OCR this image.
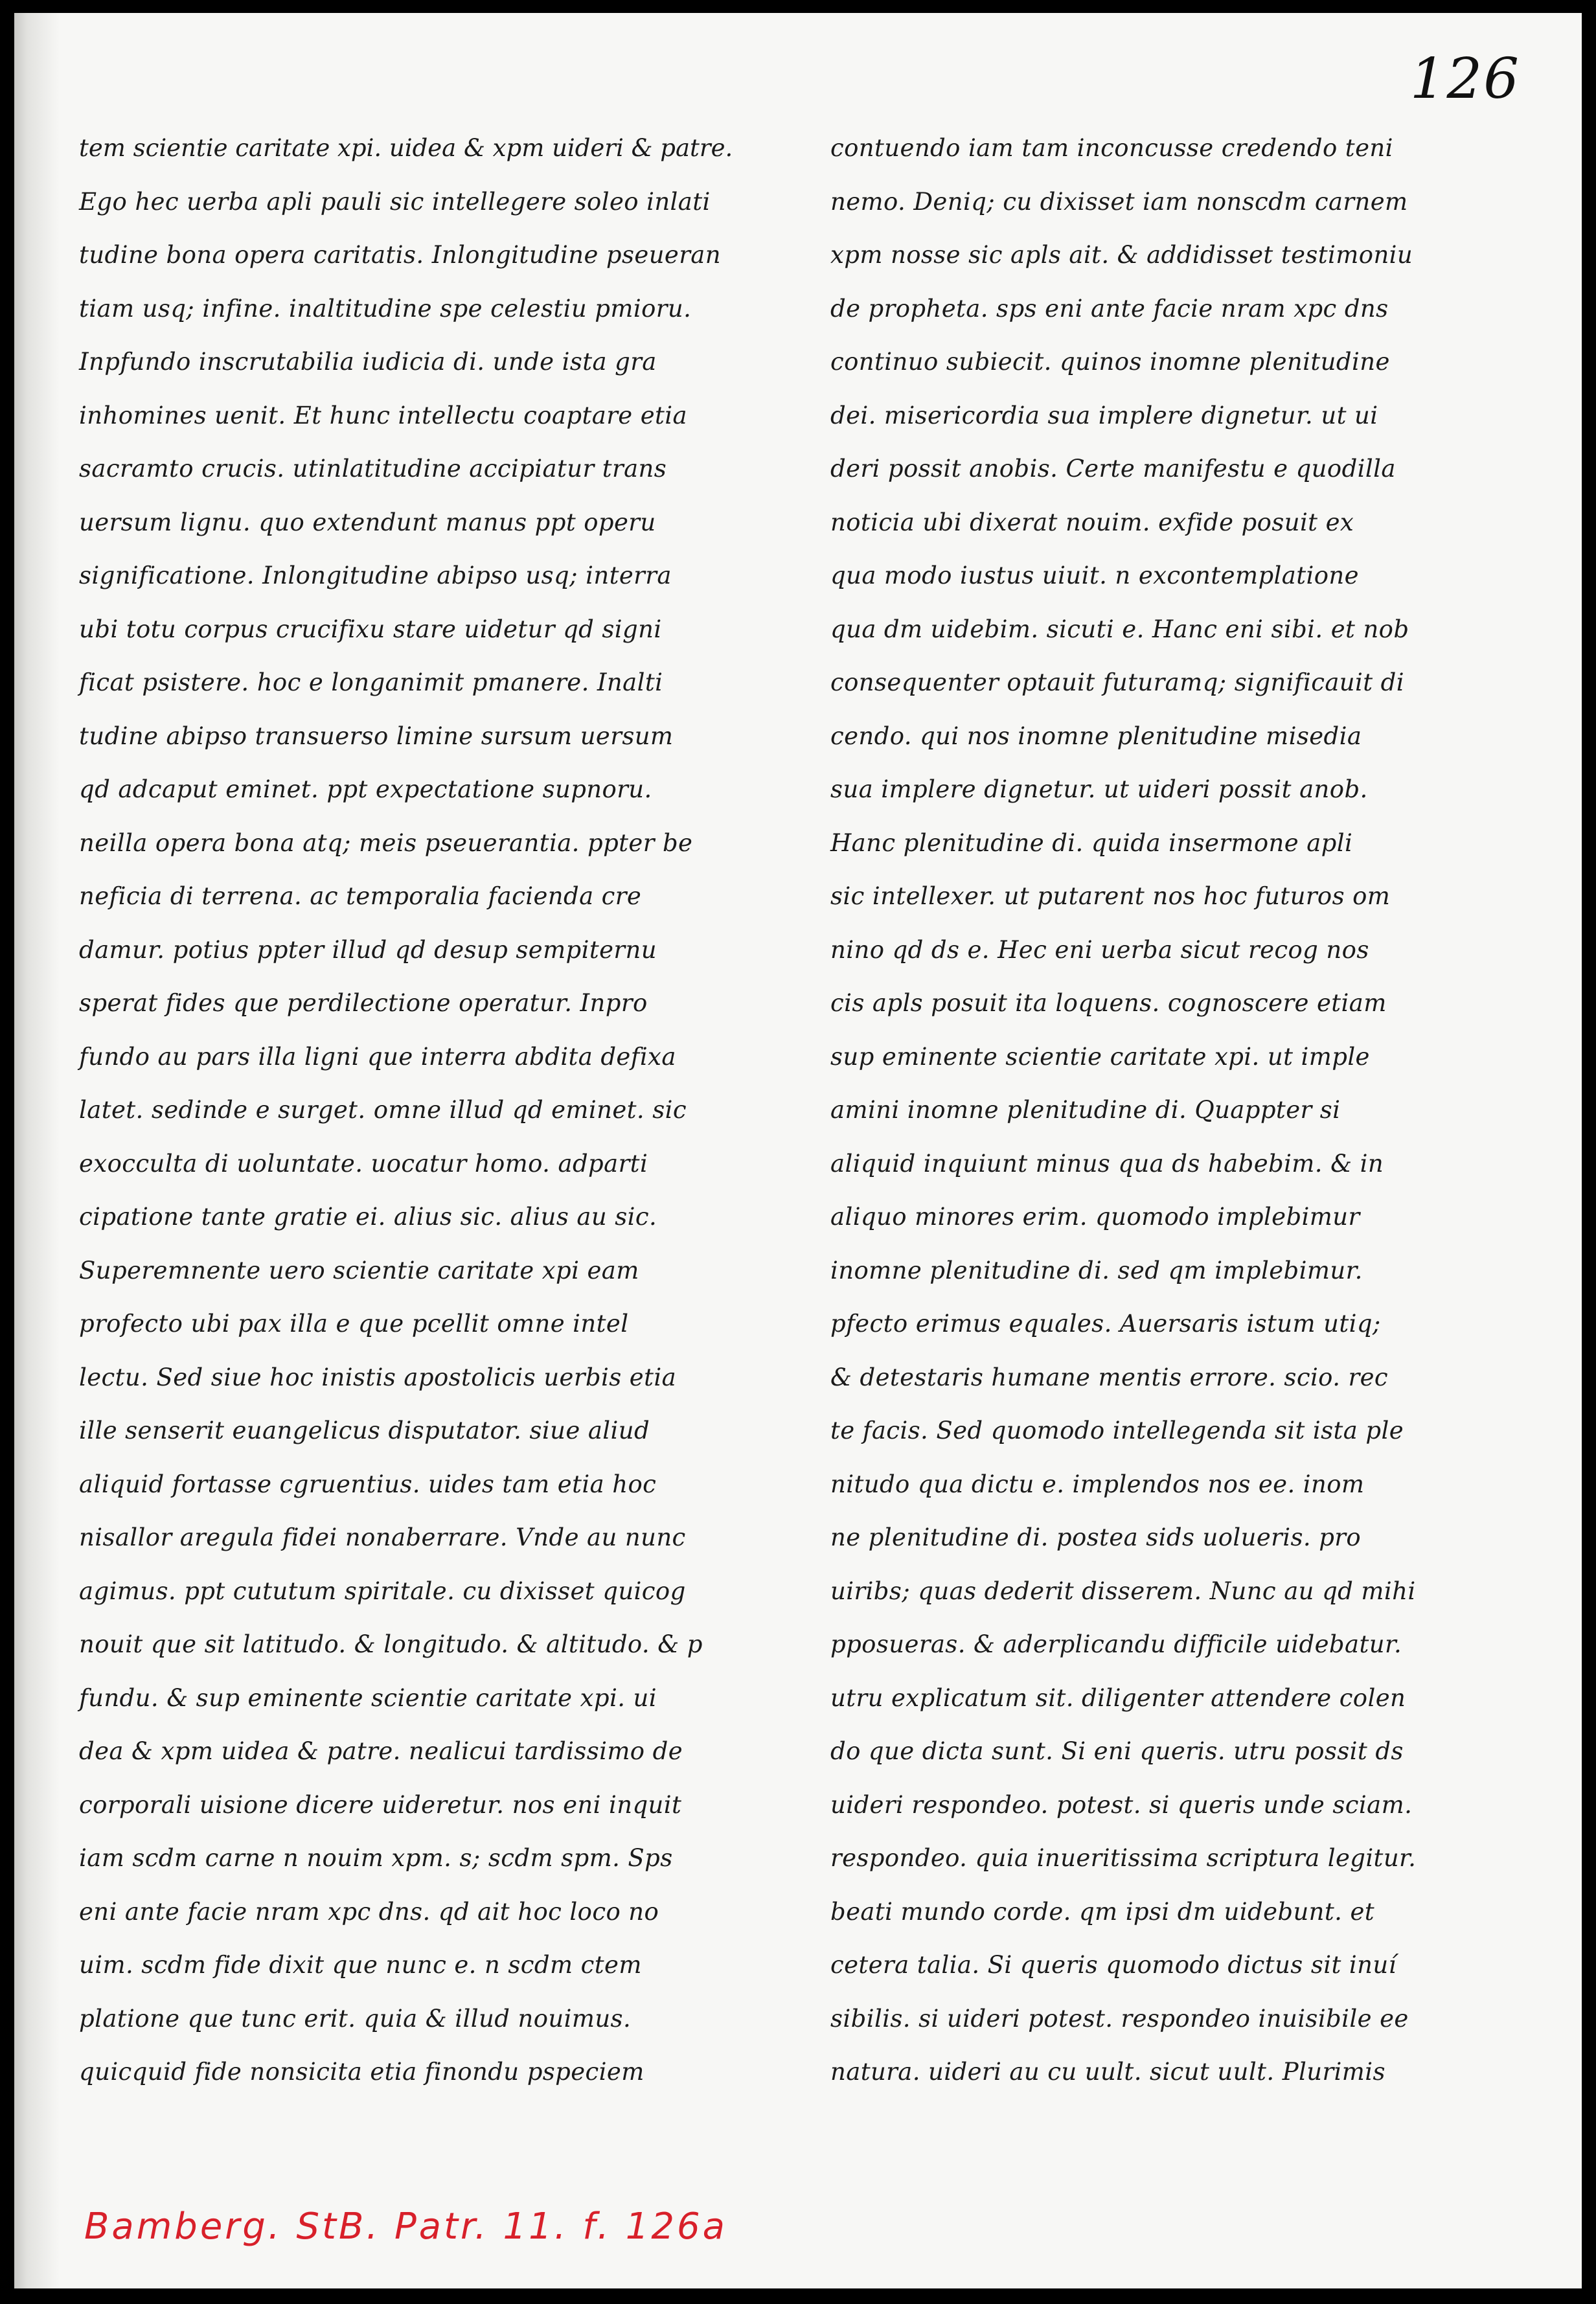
126
tem scientie caritate xpi. uidea & xpm uideri & patre.
Ego hec uerba apli pauli sic intellegere soleo inlati
tudine bona opera caritatis. Inlongitudine pseueran
tiam usq; infine. inaltitudine spe celestiu pmioru.
Inpfundo inscrutabilia iudicia di. unde ista gra
inhomines uenit. Et hunc intellectu coaptare etia
sacramto crucis. utinlatitudine accipiatur trans
uersum lignu. quo extendunt manus ppt operu
significatione. Inlongitudine abipso usq; interra
ubi totu corpus crucifixu stare uidetur qd signi
ficat psistere. hoc e longanimit pmanere. Inalti
tudine abipso transuerso limine sursum uersum
qd adcaput eminet. ppt expectatione supnoru.
neilla opera bona atq; meis pseuerantia. ppter be
neficia di terrena. ac temporalia facienda cre
damur. potius ppter illud qd desup sempiternu
sperat fides que perdilectione operatur. Inpro
fundo au pars illa ligni que interra abdita defixa
latet. sedinde e surget. omne illud qd eminet. sic
exocculta di uoluntate. uocatur homo. adparti
cipatione tante gratie ei. alius sic. alius au sic.
Superemnente uero scientie caritate xpi eam
profecto ubi pax illa e que pcellit omne intel
lectu. Sed siue hoc inistis apostolicis uerbis etia
ille senserit euangelicus disputator. siue aliud
aliquid fortasse cgruentius. uides tam etia hoc
nisallor aregula fidei nonaberrare. Vnde au nunc
agimus. ppt cututum spiritale. cu dixisset quicog
nouit que sit latitudo. & longitudo. & altitudo. & p
fundu. & sup eminente scientie caritate xpi. ui
dea & xpm uidea & patre. nealicui tardissimo de
corporali uisione dicere uideretur. nos eni inquit
iam scdm carne n nouim xpm. s; scdm spm. Sps
eni ante facie nram xpc dns. qd ait hoc loco no
uim. scdm fide dixit que nunc e. n scdm ctem
platione que tunc erit. quia & illud nouimus.
quicquid fide nonsicita etia finondu pspeciem
contuendo iam tam inconcusse credendo teni
nemo. Deniq; cu dixisset iam nonscdm carnem
xpm nosse sic apls ait. & addidisset testimoniu
de propheta. sps eni ante facie nram xpc dns
continuo subiecit. quinos inomne plenitudine
dei. misericordia sua implere dignetur. ut ui
deri possit anobis. Certe manifestu e quodilla
noticia ubi dixerat nouim. exfide posuit ex
qua modo iustus uiuit. n excontemplatione
qua dm uidebim. sicuti e. Hanc eni sibi. et nob
consequenter optauit futuramq; significauit di
cendo. qui nos inomne plenitudine misedia
sua implere dignetur. ut uideri possit anob.
Hanc plenitudine di. quida insermone apli
sic intellexer. ut putarent nos hoc futuros om
nino qd ds e. Hec eni uerba sicut recog nos
cis apls posuit ita loquens. cognoscere etiam
sup eminente scientie caritate xpi. ut imple
amini inomne plenitudine di. Quappter si
aliquid inquiunt minus qua ds habebim. & in
aliquo minores erim. quomodo implebimur
inomne plenitudine di. sed qm implebimur.
pfecto erimus equales. Auersaris istum utiq;
& detestaris humane mentis errore. scio. rec
te facis. Sed quomodo intellegenda sit ista ple
nitudo qua dictu e. implendos nos ee. inom
ne plenitudine di. postea sids uolueris. pro
uiribs; quas dederit disserem. Nunc au qd mihi
pposueras. & aderplicandu difficile uidebatur.
utru explicatum sit. diligenter attendere colen
do que dicta sunt. Si eni queris. utru possit ds
uideri respondeo. potest. si queris unde sciam.
respondeo. quia inueritissima scriptura legitur.
beati mundo corde. qm ipsi dm uidebunt. et
cetera talia. Si queris quomodo dictus sit inuí
sibilis. si uideri potest. respondeo inuisibile ee
natura. uideri au cu uult. sicut uult. Plurimis
Bamberg. StB. Patr. 11. f. 126a
